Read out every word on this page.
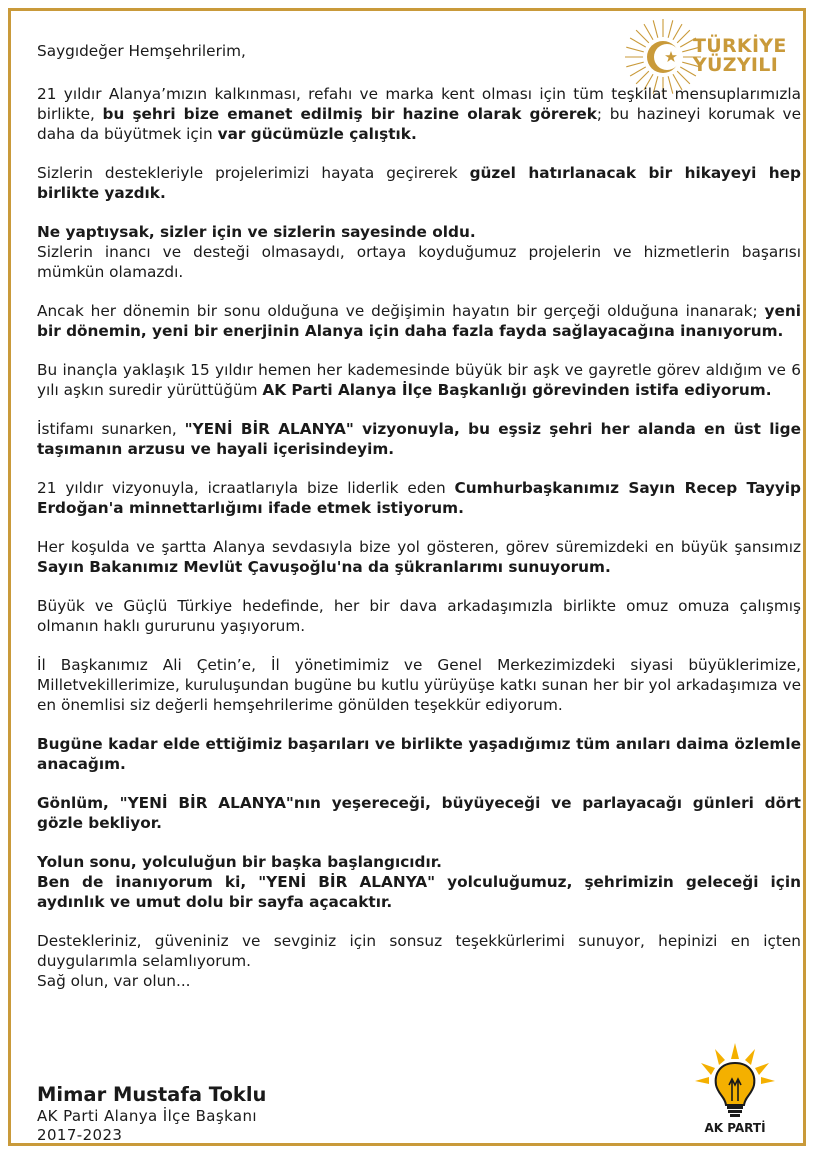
TÜRKİYE
YÜZYILI

Saygıdeğer Hemşehrilerim,

21 yıldır Alanya’mızın kalkınması, refahı ve marka kent olması için tüm teşkilat mensuplarımızla birlikte, bu şehri bize emanet edilmiş bir hazine olarak görerek; bu hazineyi korumak ve daha da büyütmek için var gücümüzle çalıştık.

Sizlerin destekleriyle projelerimizi hayata geçirerek güzel hatırlanacak bir hikayeyi hep birlikte yazdık.

Ne yaptıysak, sizler için ve sizlerin sayesinde oldu.
Sizlerin inancı ve desteği olmasaydı, ortaya koyduğumuz projelerin ve hizmetlerin başarısı mümkün olamazdı.

Ancak her dönemin bir sonu olduğuna ve değişimin hayatın bir gerçeği olduğuna inanarak; yeni bir dönemin, yeni bir enerjinin Alanya için daha fazla fayda sağlayacağına inanıyorum.

Bu inançla yaklaşık 15 yıldır hemen her kademesinde büyük bir aşk ve gayretle görev aldığım ve 6 yılı aşkın suredir yürüttüğüm AK Parti Alanya İlçe Başkanlığı görevinden istifa ediyorum.

İstifamı sunarken, "YENİ BİR ALANYA" vizyonuyla, bu eşsiz şehri her alanda en üst lige taşımanın arzusu ve hayali içerisindeyim.

21 yıldır vizyonuyla, icraatlarıyla bize liderlik eden Cumhurbaşkanımız Sayın Recep Tayyip Erdoğan'a minnettarlığımı ifade etmek istiyorum.

Her koşulda ve şartta Alanya sevdasıyla bize yol gösteren, görev süremizdeki en büyük şansımız Sayın Bakanımız Mevlüt Çavuşoğlu'na da şükranlarımı sunuyorum.

Büyük ve Güçlü Türkiye hedefinde, her bir dava arkadaşımızla birlikte omuz omuza çalışmış olmanın haklı gururunu yaşıyorum.

İl Başkanımız Ali Çetin’e, İl yönetimimiz ve Genel Merkezimizdeki siyasi büyüklerimize, Milletvekillerimize, kuruluşundan bugüne bu kutlu yürüyüşe katkı sunan her bir yol arkadaşımıza ve en önemlisi siz değerli hemşehrilerime gönülden teşekkür ediyorum.

Bugüne kadar elde ettiğimiz başarıları ve birlikte yaşadığımız tüm anıları daima özlemle anacağım.

Gönlüm, "YENİ BİR ALANYA"nın yeşereceği, büyüyeceği ve parlayacağı günleri dört gözle bekliyor.

Yolun sonu, yolculuğun bir başka başlangıcıdır.
Ben de inanıyorum ki, "YENİ BİR ALANYA" yolculuğumuz, şehrimizin geleceği için aydınlık ve umut dolu bir sayfa açacaktır.

Destekleriniz, güveniniz ve sevginiz için sonsuz teşekkürlerimi sunuyor, hepinizi en içten duygularımla selamlıyorum.
Sağ olun, var olun...

Mimar Mustafa Toklu
AK Parti Alanya İlçe Başkanı
2017-2023	AK PARTİ
